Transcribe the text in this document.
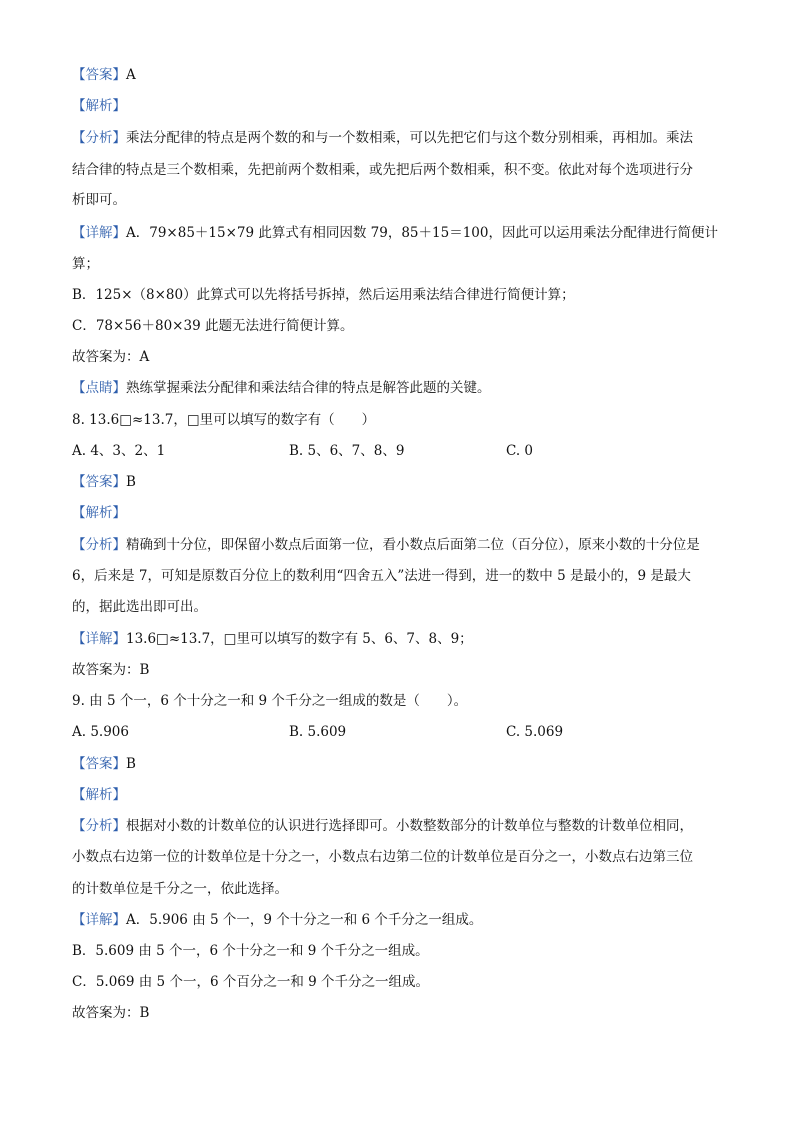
【答案】A
【解析】
【分析】乘法分配律的特点是两个数的和与一个数相乘，可以先把它们与这个数分别相乘，再相加。乘法
结合律的特点是三个数相乘，先把前两个数相乘，或先把后两个数相乘，积不变。依此对每个选项进行分
析即可。
【详解】A．79×85＋15×79 此算式有相同因数 79，85＋15＝100，因此可以运用乘法分配律进行简便计
算；
B．125×（8×80）此算式可以先将括号拆掉，然后运用乘法结合律进行简便计算；
C．78×56＋80×39 此题无法进行简便计算。
故答案为：A
【点睛】熟练掌握乘法分配律和乘法结合律的特点是解答此题的关键。
8. 13.6□≈13.7，□里可以填写的数字有（　　）
A. 4、3、2、1	B. 5、6、7、8、9	C. 0
【答案】B
【解析】
【分析】精确到十分位，即保留小数点后面第一位，看小数点后面第二位（百分位），原来小数的十分位是
6，后来是 7，可知是原数百分位上的数利用“四舍五入”法进一得到，进一的数中 5 是最小的，9 是最大
的，据此选出即可出。
【详解】13.6□≈13.7，□里可以填写的数字有 5、6、7、8、9；
故答案为：B
9. 由 5 个一，6 个十分之一和 9 个千分之一组成的数是（　　）。
A. 5.906	B. 5.609	C. 5.069
【答案】B
【解析】
【分析】根据对小数的计数单位的认识进行选择即可。小数整数部分的计数单位与整数的计数单位相同，
小数点右边第一位的计数单位是十分之一，小数点右边第二位的计数单位是百分之一，小数点右边第三位
的计数单位是千分之一，依此选择。
【详解】A．5.906 由 5 个一，9 个十分之一和 6 个千分之一组成。
B．5.609 由 5 个一，6 个十分之一和 9 个千分之一组成。
C．5.069 由 5 个一，6 个百分之一和 9 个千分之一组成。
故答案为：B
